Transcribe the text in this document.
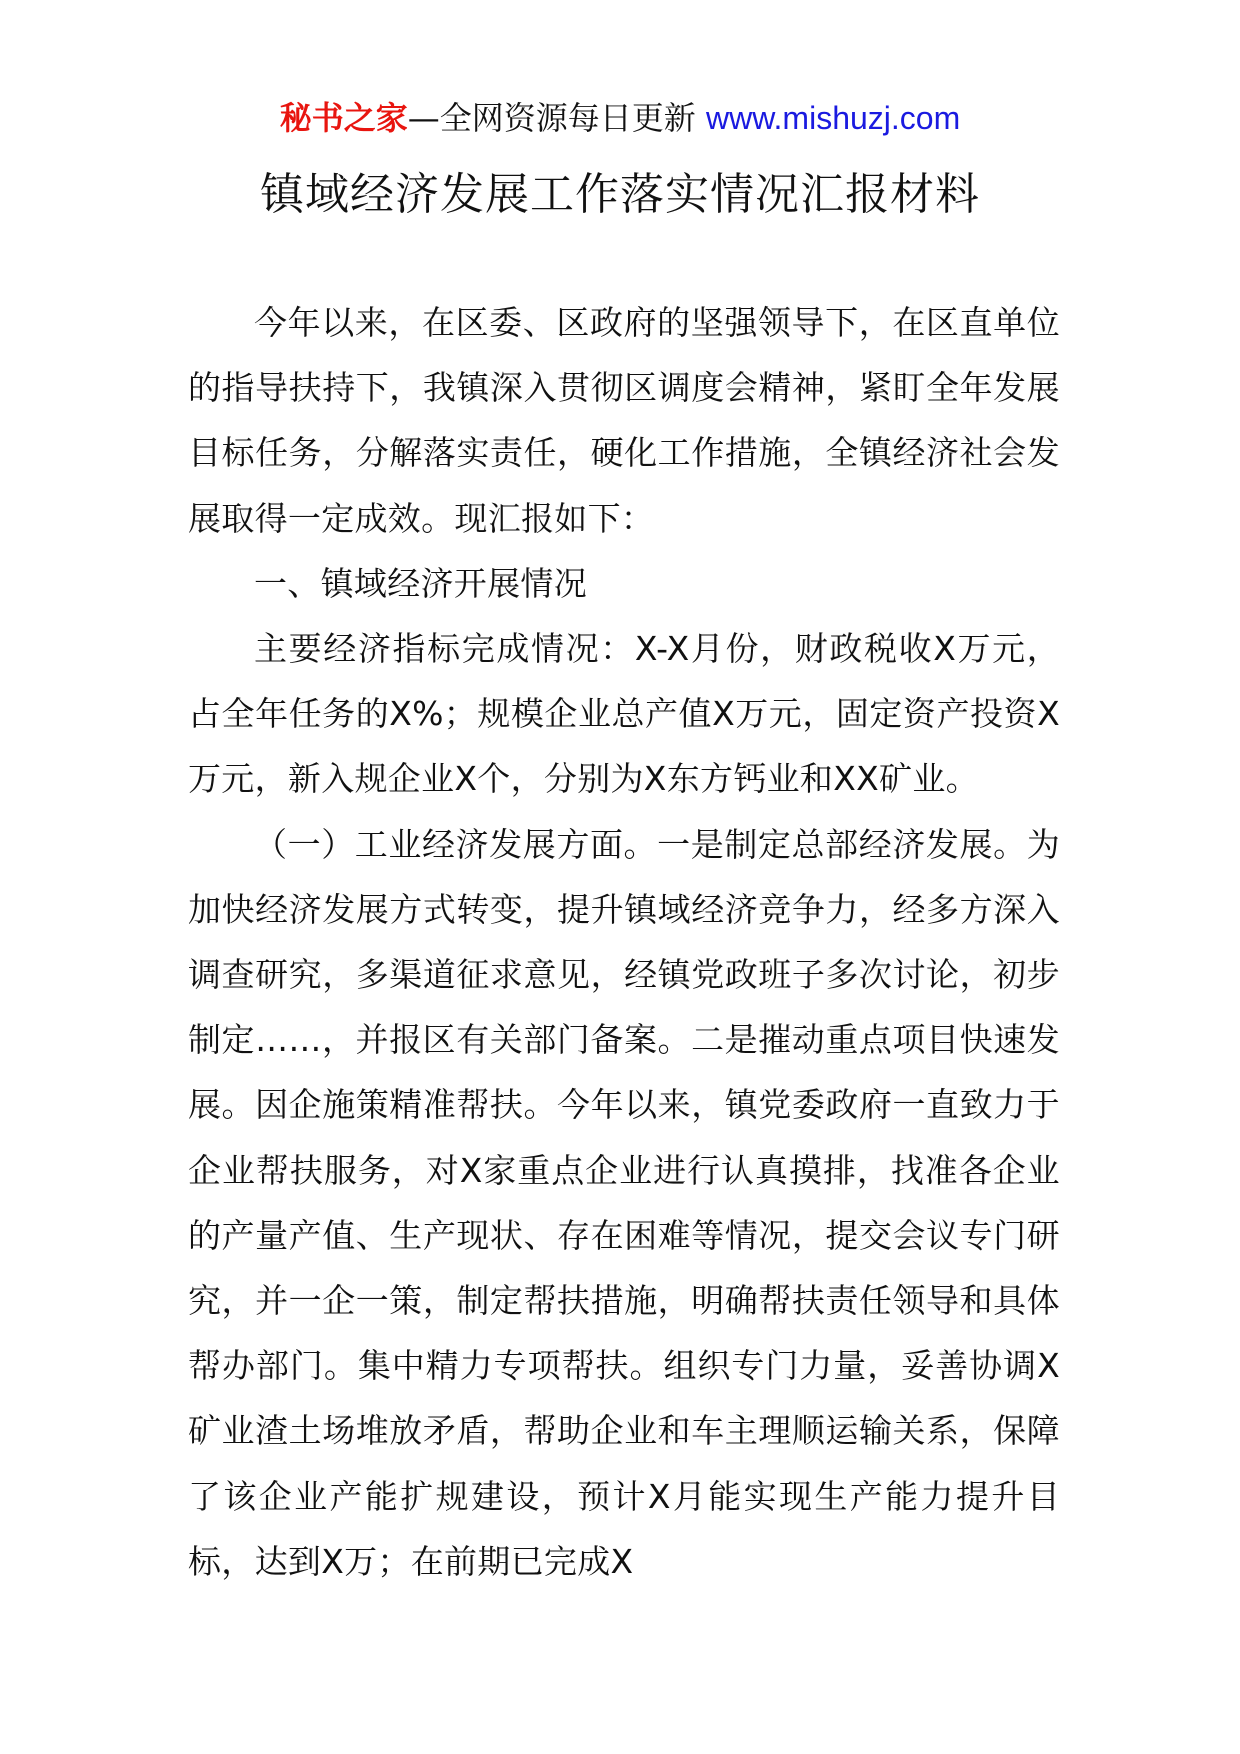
秘书之家—全网资源每日更新 www.mishuzj.com
镇域经济发展工作落实情况汇报材料

今年以来，在区委、区政府的坚强领导下，在区直单位的指导扶持下，我镇深入贯彻区调度会精神，紧盯全年发展目标任务，分解落实责任，硬化工作措施，全镇经济社会发展取得一定成效。现汇报如下：

一、镇域经济开展情况

主要经济指标完成情况：X-X月份，财政税收X万元，占全年任务的X%；规模企业总产值X万元，固定资产投资X万元，新入规企业X个，分别为X东方钙业和XX矿业。

（一）工业经济发展方面。一是制定总部经济发展。为加快经济发展方式转变，提升镇域经济竞争力，经多方深入调查研究，多渠道征求意见，经镇党政班子多次讨论，初步制定……，并报区有关部门备案。二是摧动重点项目快速发展。因企施策精准帮扶。今年以来，镇党委政府一直致力于企业帮扶服务，对X家重点企业进行认真摸排，找准各企业的产量产值、生产现状、存在困难等情况，提交会议专门研究，并一企一策，制定帮扶措施，明确帮扶责任领导和具体帮办部门。集中精力专项帮扶。组织专门力量，妥善协调X矿业渣土场堆放矛盾，帮助企业和车主理顺运输关系，保障了该企业产能扩规建设，预计X月能实现生产能力提升目标，达到X万；在前期已完成X
